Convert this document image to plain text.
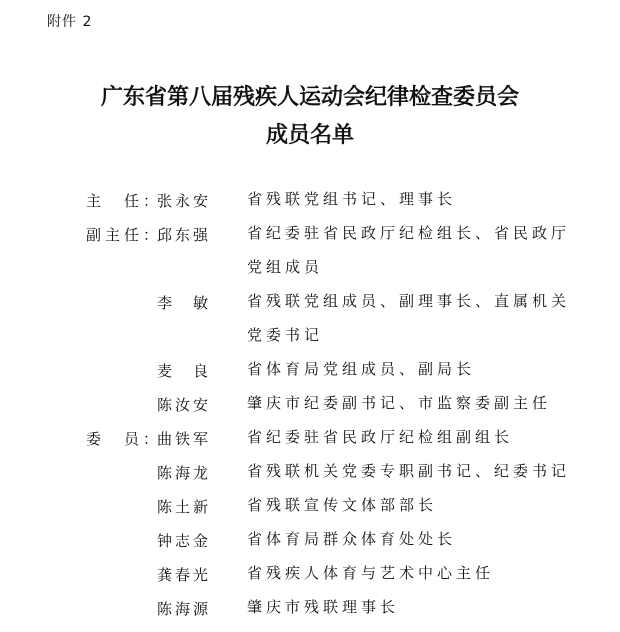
附件 2
广东省第八届残疾人运动会纪律检查委员会
成员名单
主　任：
张永安 省残联党组书记、理事长
副主任：
邱东强 省纪委驻省民政厅纪检组长、省民政厅党组成员
李　敏 省残联党组成员、副理事长、直属机关党委书记
麦　良 省体育局党组成员、副局长
陈汝安 肇庆市纪委副书记、市监察委副主任
委　员：
曲铁军 省纪委驻省民政厅纪检组副组长
陈海龙 省残联机关党委专职副书记、纪委书记
陈土新 省残联宣传文体部部长
钟志金 省体育局群众体育处处长
龚春光 省残疾人体育与艺术中心主任
陈海源 肇庆市残联理事长
